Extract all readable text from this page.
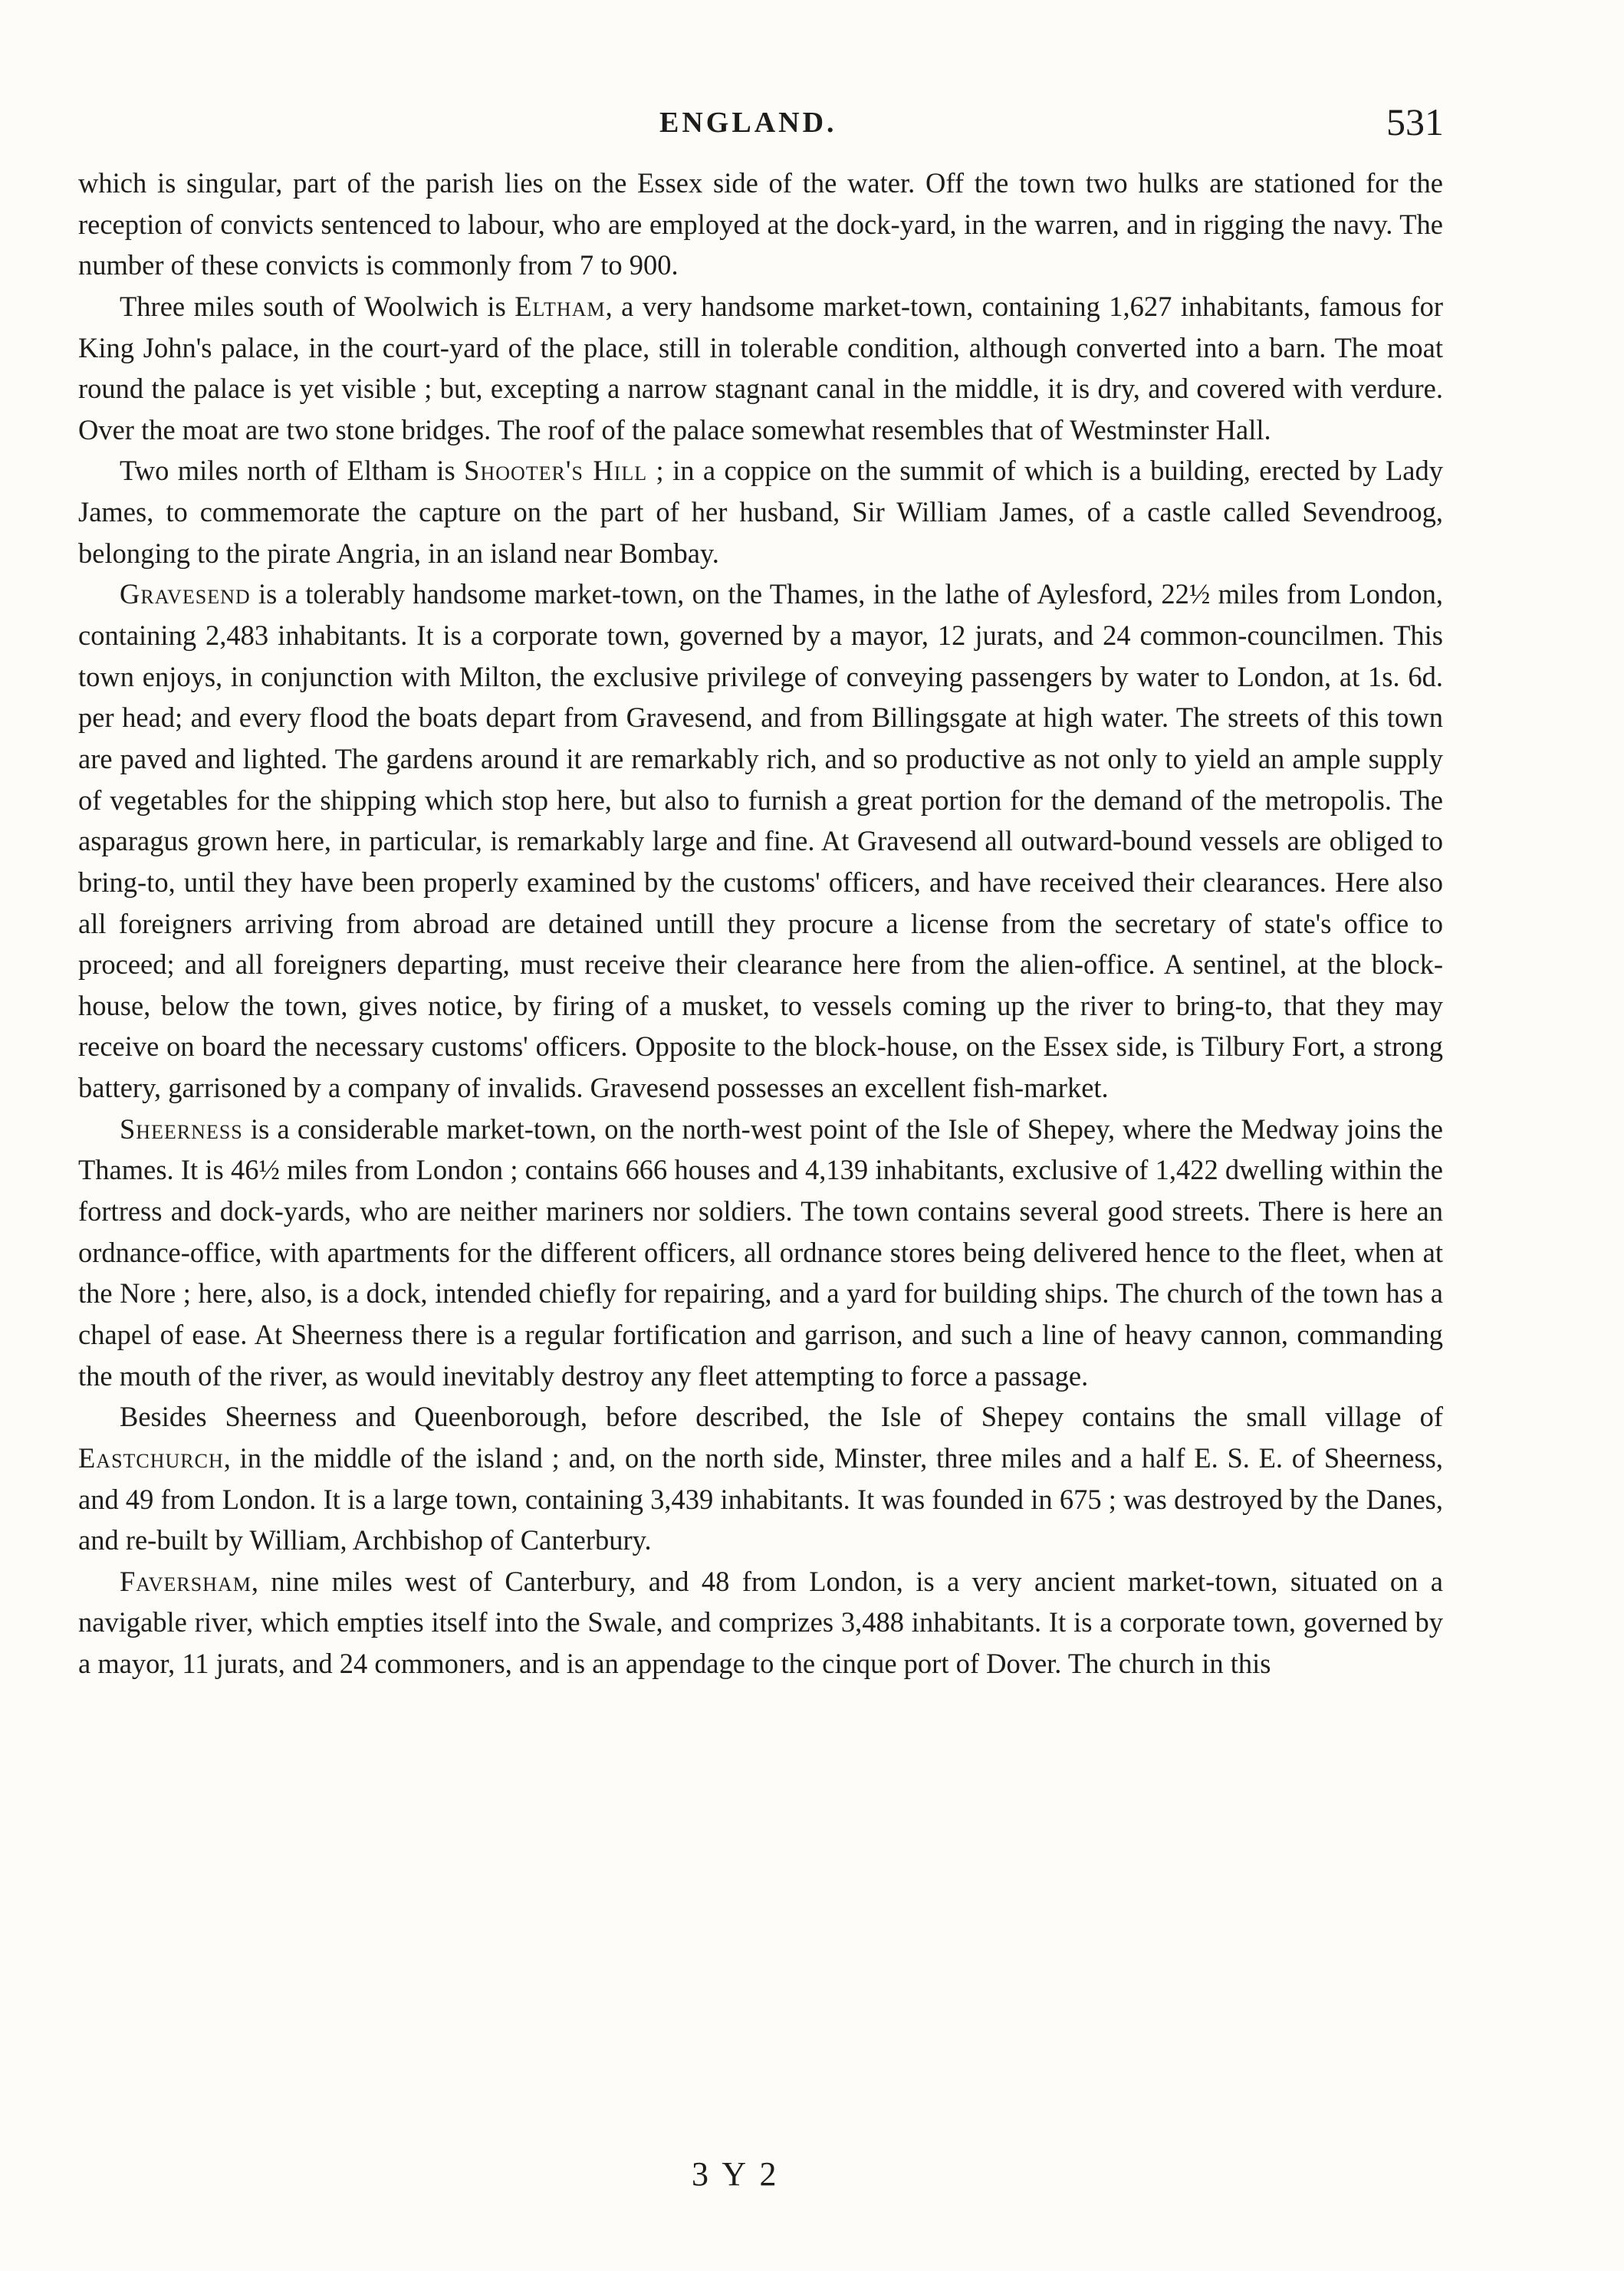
ENGLAND.	531

which is singular, part of the parish lies on the Essex side of the water. Off the town two hulks are stationed for the reception of convicts sentenced to labour, who are employed at the dock-yard, in the warren, and in rigging the navy. The number of these convicts is commonly from 7 to 900.

Three miles south of Woolwich is Eltham, a very handsome market-town, containing 1,627 inhabitants, famous for King John's palace, in the court-yard of the place, still in tolerable condition, although converted into a barn. The moat round the palace is yet visible ; but, excepting a narrow stagnant canal in the middle, it is dry, and covered with verdure. Over the moat are two stone bridges. The roof of the palace somewhat resembles that of Westminster Hall.

Two miles north of Eltham is Shooter's Hill ; in a coppice on the summit of which is a building, erected by Lady James, to commemorate the capture on the part of her husband, Sir William James, of a castle called Sevendroog, belonging to the pirate Angria, in an island near Bombay.

Gravesend is a tolerably handsome market-town, on the Thames, in the lathe of Aylesford, 22½ miles from London, containing 2,483 inhabitants. It is a corporate town, governed by a mayor, 12 jurats, and 24 common-councilmen. This town enjoys, in conjunction with Milton, the exclusive privilege of conveying passengers by water to London, at 1s. 6d. per head; and every flood the boats depart from Gravesend, and from Billingsgate at high water. The streets of this town are paved and lighted. The gardens around it are remarkably rich, and so productive as not only to yield an ample supply of vegetables for the shipping which stop here, but also to furnish a great portion for the demand of the metropolis. The asparagus grown here, in particular, is remarkably large and fine. At Gravesend all outward-bound vessels are obliged to bring-to, until they have been properly examined by the customs' officers, and have received their clearances. Here also all foreigners arriving from abroad are detained untill they procure a license from the secretary of state's office to proceed; and all foreigners departing, must receive their clearance here from the alien-office. A sentinel, at the block-house, below the town, gives notice, by firing of a musket, to vessels coming up the river to bring-to, that they may receive on board the necessary customs' officers. Opposite to the block-house, on the Essex side, is Tilbury Fort, a strong battery, garrisoned by a company of invalids. Gravesend possesses an excellent fish-market.

Sheerness is a considerable market-town, on the north-west point of the Isle of Shepey, where the Medway joins the Thames. It is 46½ miles from London ; contains 666 houses and 4,139 inhabitants, exclusive of 1,422 dwelling within the fortress and dock-yards, who are neither mariners nor soldiers. The town contains several good streets. There is here an ordnance-office, with apartments for the different officers, all ordnance stores being delivered hence to the fleet, when at the Nore ; here, also, is a dock, intended chiefly for repairing, and a yard for building ships. The church of the town has a chapel of ease. At Sheerness there is a regular fortification and garrison, and such a line of heavy cannon, commanding the mouth of the river, as would inevitably destroy any fleet attempting to force a passage.

Besides Sheerness and Queenborough, before described, the Isle of Shepey contains the small village of Eastchurch, in the middle of the island ; and, on the north side, Minster, three miles and a half E. S. E. of Sheerness, and 49 from London. It is a large town, containing 3,439 inhabitants. It was founded in 675 ; was destroyed by the Danes, and re-built by William, Archbishop of Canterbury.

Faversham, nine miles west of Canterbury, and 48 from London, is a very ancient market-town, situated on a navigable river, which empties itself into the Swale, and comprizes 3,488 inhabitants. It is a corporate town, governed by a mayor, 11 jurats, and 24 commoners, and is an appendage to the cinque port of Dover. The church in this

3 Y 2
